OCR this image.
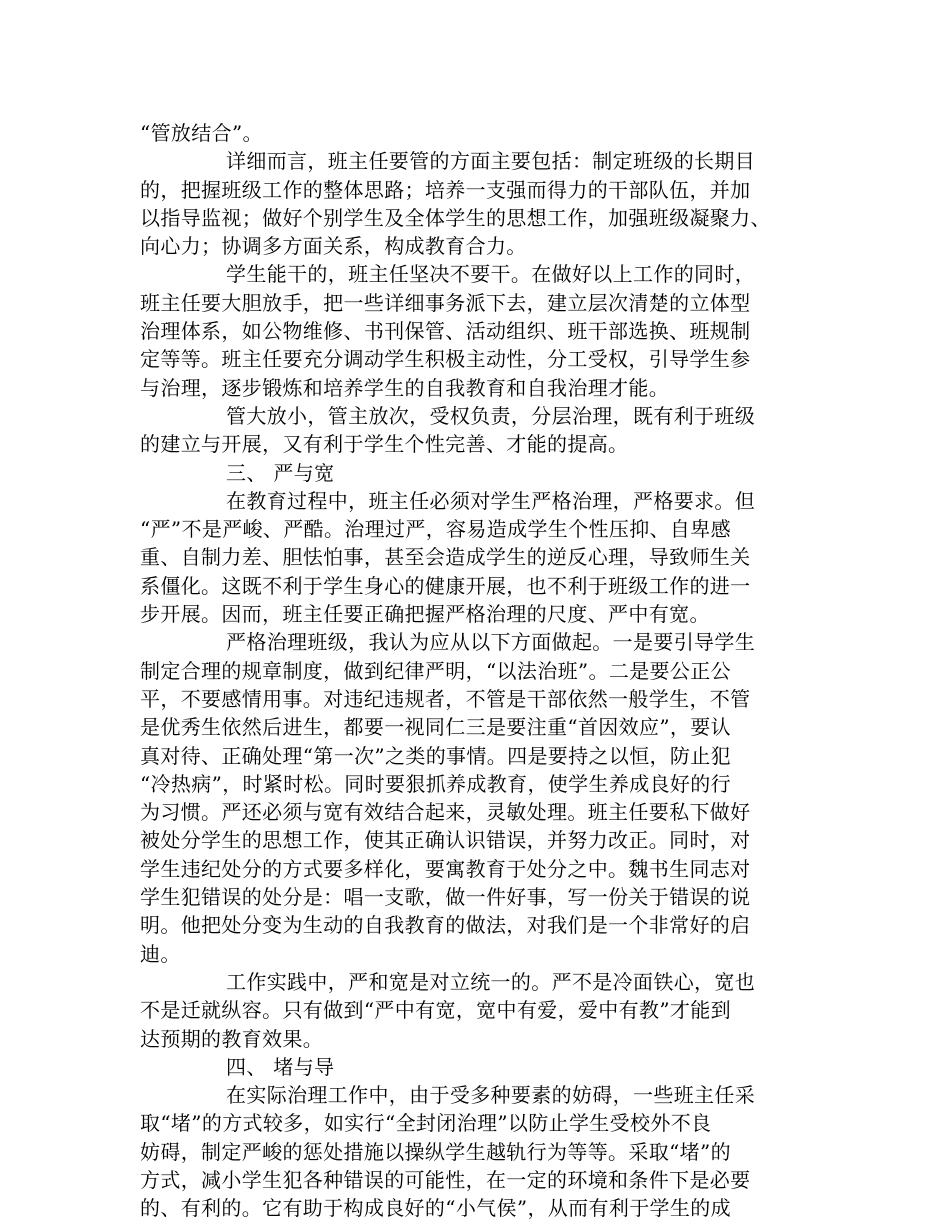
“管放结合”。
详细而言，班主任要管的方面主要包括：制定班级的长期目
的，把握班级工作的整体思路；培养一支强而得力的干部队伍，并加
以指导监视；做好个别学生及全体学生的思想工作，加强班级凝聚力、
向心力；协调多方面关系，构成教育合力。
学生能干的，班主任坚决不要干。在做好以上工作的同时，
班主任要大胆放手，把一些详细事务派下去，建立层次清楚的立体型
治理体系，如公物维修、书刊保管、活动组织、班干部选换、班规制
定等等。班主任要充分调动学生积极主动性，分工受权，引导学生参
与治理，逐步锻炼和培养学生的自我教育和自我治理才能。
管大放小，管主放次，受权负责，分层治理，既有利于班级
的建立与开展，又有利于学生个性完善、才能的提高。
三、 严与宽
在教育过程中，班主任必须对学生严格治理，严格要求。但
“严”不是严峻、严酷。治理过严，容易造成学生个性压抑、自卑感
重、自制力差、胆怯怕事，甚至会造成学生的逆反心理，导致师生关
系僵化。这既不利于学生身心的健康开展，也不利于班级工作的进一
步开展。因而，班主任要正确把握严格治理的尺度、严中有宽。
严格治理班级，我认为应从以下方面做起。一是要引导学生
制定合理的规章制度，做到纪律严明，“以法治班”。二是要公正公
平，不要感情用事。对违纪违规者，不管是干部依然一般学生，不管
是优秀生依然后进生，都要一视同仁三是要注重“首因效应”，要认
真对待、正确处理“第一次”之类的事情。四是要持之以恒，防止犯
“冷热病”，时紧时松。同时要狠抓养成教育，使学生养成良好的行
为习惯。严还必须与宽有效结合起来，灵敏处理。班主任要私下做好
被处分学生的思想工作，使其正确认识错误，并努力改正。同时，对
学生违纪处分的方式要多样化，要寓教育于处分之中。魏书生同志对
学生犯错误的处分是：唱一支歌，做一件好事，写一份关于错误的说
明。他把处分变为生动的自我教育的做法，对我们是一个非常好的启
迪。
工作实践中，严和宽是对立统一的。严不是冷面铁心，宽也
不是迁就纵容。只有做到“严中有宽，宽中有爱，爱中有教”才能到
达预期的教育效果。
四、 堵与导
在实际治理工作中，由于受多种要素的妨碍，一些班主任采
取“堵”的方式较多，如实行“全封闭治理”以防止学生受校外不良
妨碍，制定严峻的惩处措施以操纵学生越轨行为等等。采取“堵”的
方式，减小学生犯各种错误的可能性，在一定的环境和条件下是必要
的、有利的。它有助于构成良好的“小气侯”，从而有利于学生的成
